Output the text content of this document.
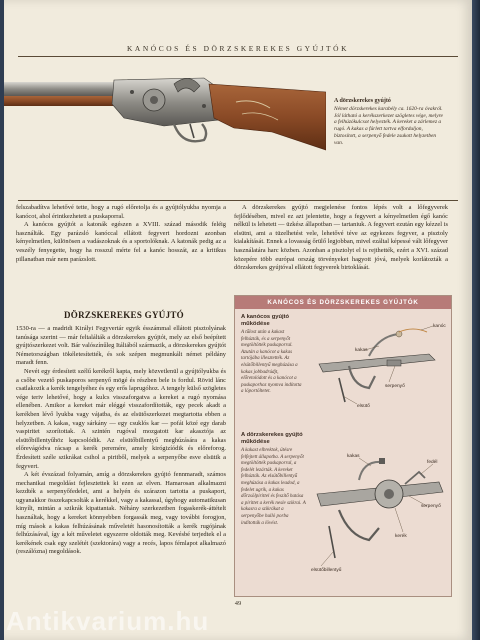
KANÓCOS ÉS DÖRZSKEREKES GYÚJTÓK
A dörzskerekes gyújtó
Német dörzskerekes karabély ca. 1620-ra óvakról. Jól látható a kerékszerkezet szögletes vége, melyre a felhúzókulcsot helyezték. A kereket a zárlemez a rugó. A kakas a fúrlett tartva elforduljon, biztosított, a serpenyő fedele zsukott helyzetben van.

felszabadítva lehetővé tette, hogy a rugó előretolja és a gyújtólyukba nyomja a kanócot, ahol érintkezhetett a puskaporral.

A kanócos gyújtót a katonák egészen a XVIII. század második feléig használták. Egy parázsló kanóccal ellátott fegyvert hordozni azonban kényelmetlen, különösen a vadászoknak és a sportolóknak. A katonák pedig az a veszély fenyegette, hogy ha rosszul mérte fel a kanóc hosszát, az a kritikus pillanatban már nem parázslott.

DÖRZSKEREKES GYÚJTÓ

1530-ra — a madridi Királyi Fegyvertár egyik ésszámmal ellátott pisztolyának tanúsága szerint — már feltalálták a dörzskerekes gyújtót, mely az első beépített gyújtószerkezet volt. Bár valószínűleg Itáliából származik, a dörzskerekes gyújtót Németországban tökéletesítették, és sok szépen megmunkált német példány maradt fenn.

Nevét egy érdesített szélű kerékről kapta, mely közvetlenül a gyújtólyukba és a csőbe vezető puskaporos serpenyő mögé és részben bele is fordul. Rövid lánc csatlakozik a kerék tengelyéhez és egy erős laprugóhoz. A tengely külső szögletes vége teriv lehetővé, hogy a kulcs visszaforgatva a kereket a rugó nyomása ellenében. Amikor a kereket már eléggé visszafordították, egy pecek akadt a kerékben lévő lyukba vagy vájatba, és az elsütőszerkezet megtartotta ebben a helyzetben. A kakas, vagy sárkány — egy csuklós kar — pofái közé egy darab vaspiritet szorítottak. A szintén rugóval mozgatott kar akasztója az elsütőbillentyűhöz kapcsolódik. Az elsütőbillentyű meghúzására a kakas előrevágódva rácsap a kerék peremére, amely kirógizíódik és előreforog. Érdesített széle szikrákat csihol a piritből, melyek a serpenyőbe esve elsütik a fegyvert.

A két évszázad folyamán, amíg a dörzskerekes gyújtó fennmaradt, számos mechanikai megoldást fejlesztettek ki ezen az elven. Hamarosan alkalmazni kezdték a serpenyőfedelet, ami a helyén és szárazon tartotta a puskaport, ugyanakkor összekapcsolták a kerékkel, vagy a kakassal, úgyhogy automatikusan kinyílt, mintán a szikrák kipattantak. Néhány szerkezetben fogaskerék-áttételt használtak, hogy a kereket könnyebben forgassák meg, vagy további forogjon, míg mások a kakas felhúzásának műveletét hasonosították a kerék rugójának felhúzásával, így a két műveletet egyszerre oldották meg. Kevésbé terjedtek el a kerékének csak egy szelétét (szektorára) vagy a recés, lapos fémlapot alkalmazó (reszálózna) megoldások.

A dörzskerekes gyújtó megjelenése fontos lépés volt a lőfegyverek fejlődésében, mivel ez azt jelentette, hogy a fegyvert a kényelmetlen égő kanóc nélkül is lehetett — üzkész állapotban — tartaniuk. A fegyvert ezután egy kézzel is elsütni, ami a tüzelhetést vele, lehetővé téve az egykezes fegyver, a pisztoly kialakítását. Ennek a lovasság őrülő legjobban, mivel ezáltal képessé vált lőfegyver használatára harc közben. Azonban a pisztolyt el is rejthették, ezért a XVI. század közepére több európai ország törvényeket hagyott jóvá, melyek korlátozták a dörzskerekes gyújtóval ellátott fegyverek birtoklását.

KANÓCOS ÉS DÖRZSKEREKES GYÚJTÓK
A kanócos gyújtó működése
A tűlost után a kakast felhúzták, és a serpenyőt megtöltötték puskaporral. Azután a kanócot a kakas tartójába illesztették. Az elsütőbillentyű meghúzása a kakas jobbadrúdjt, előretolódott és a kanócot a puskaporhoz nyomva indította a löportöltetet.
kanóc
kakas
serpenyő
elsütő
A dörzskerekes gyújtó működése
A kakast elbrektok, ütésre felfejtett állapotba. A serpenyőt megtöltötték puskaporral, a fedelét lezárták. A kereket felhúzták. Az elsütőbillentyű meghúzása a kakas leadod, a fedelet ugrik, a kakas dőrzsölpirittel és feszítő hatása a pirittet a kerék nesle szikrai. A kakasra a szikrákat a serpenyőbe hulló porba indították a lövést.
kakas
fedél
serpenyő
kerék
elsütőbillentyű
49
Antikvarium.hu
